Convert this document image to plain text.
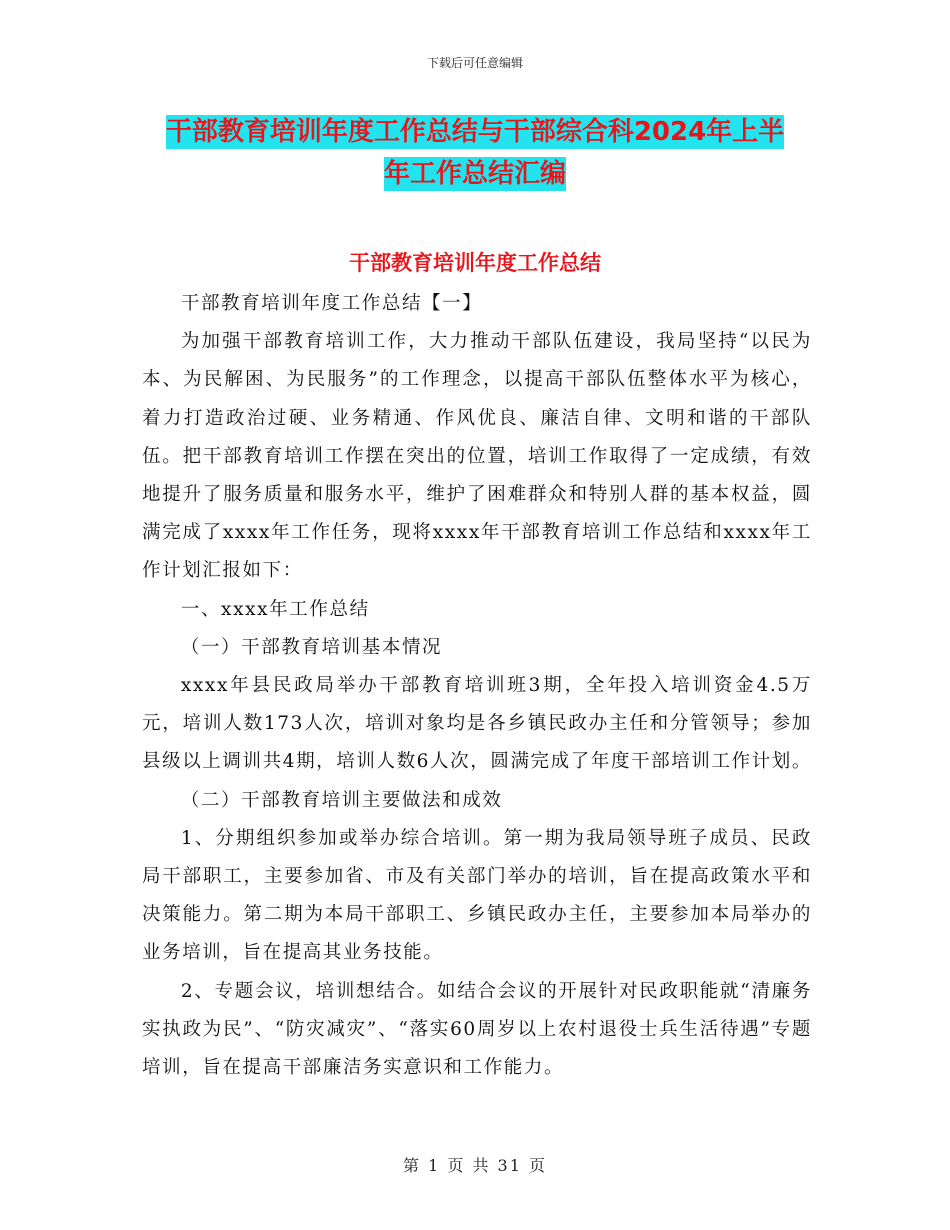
下载后可任意编辑
干部教育培训年度工作总结与干部综合科2024年上半
年工作总结汇编
干部教育培训年度工作总结

干部教育培训年度工作总结【一】

为加强干部教育培训工作，大力推动干部队伍建设，我局坚持“以民为本、为民解困、为民服务”的工作理念，以提高干部队伍整体水平为核心，着力打造政治过硬、业务精通、作风优良、廉洁自律、文明和谐的干部队伍。把干部教育培训工作摆在突出的位置，培训工作取得了一定成绩，有效地提升了服务质量和服务水平，维护了困难群众和特别人群的基本权益，圆满完成了xxxx年工作任务，现将xxxx年干部教育培训工作总结和xxxx年工作计划汇报如下：

一、xxxx年工作总结

（一）干部教育培训基本情况

xxxx年县民政局举办干部教育培训班3期，全年投入培训资金4.5万元，培训人数173人次，培训对象均是各乡镇民政办主任和分管领导；参加县级以上调训共4期，培训人数6人次，圆满完成了年度干部培训工作计划。

（二）干部教育培训主要做法和成效

1、分期组织参加或举办综合培训。第一期为我局领导班子成员、民政局干部职工，主要参加省、市及有关部门举办的培训，旨在提高政策水平和决策能力。第二期为本局干部职工、乡镇民政办主任，主要参加本局举办的业务培训，旨在提高其业务技能。

2、专题会议，培训想结合。如结合会议的开展针对民政职能就“清廉务实执政为民”、“防灾减灾”、“落实60周岁以上农村退役士兵生活待遇”专题培训，旨在提高干部廉洁务实意识和工作能力。

第 1 页 共 31 页
